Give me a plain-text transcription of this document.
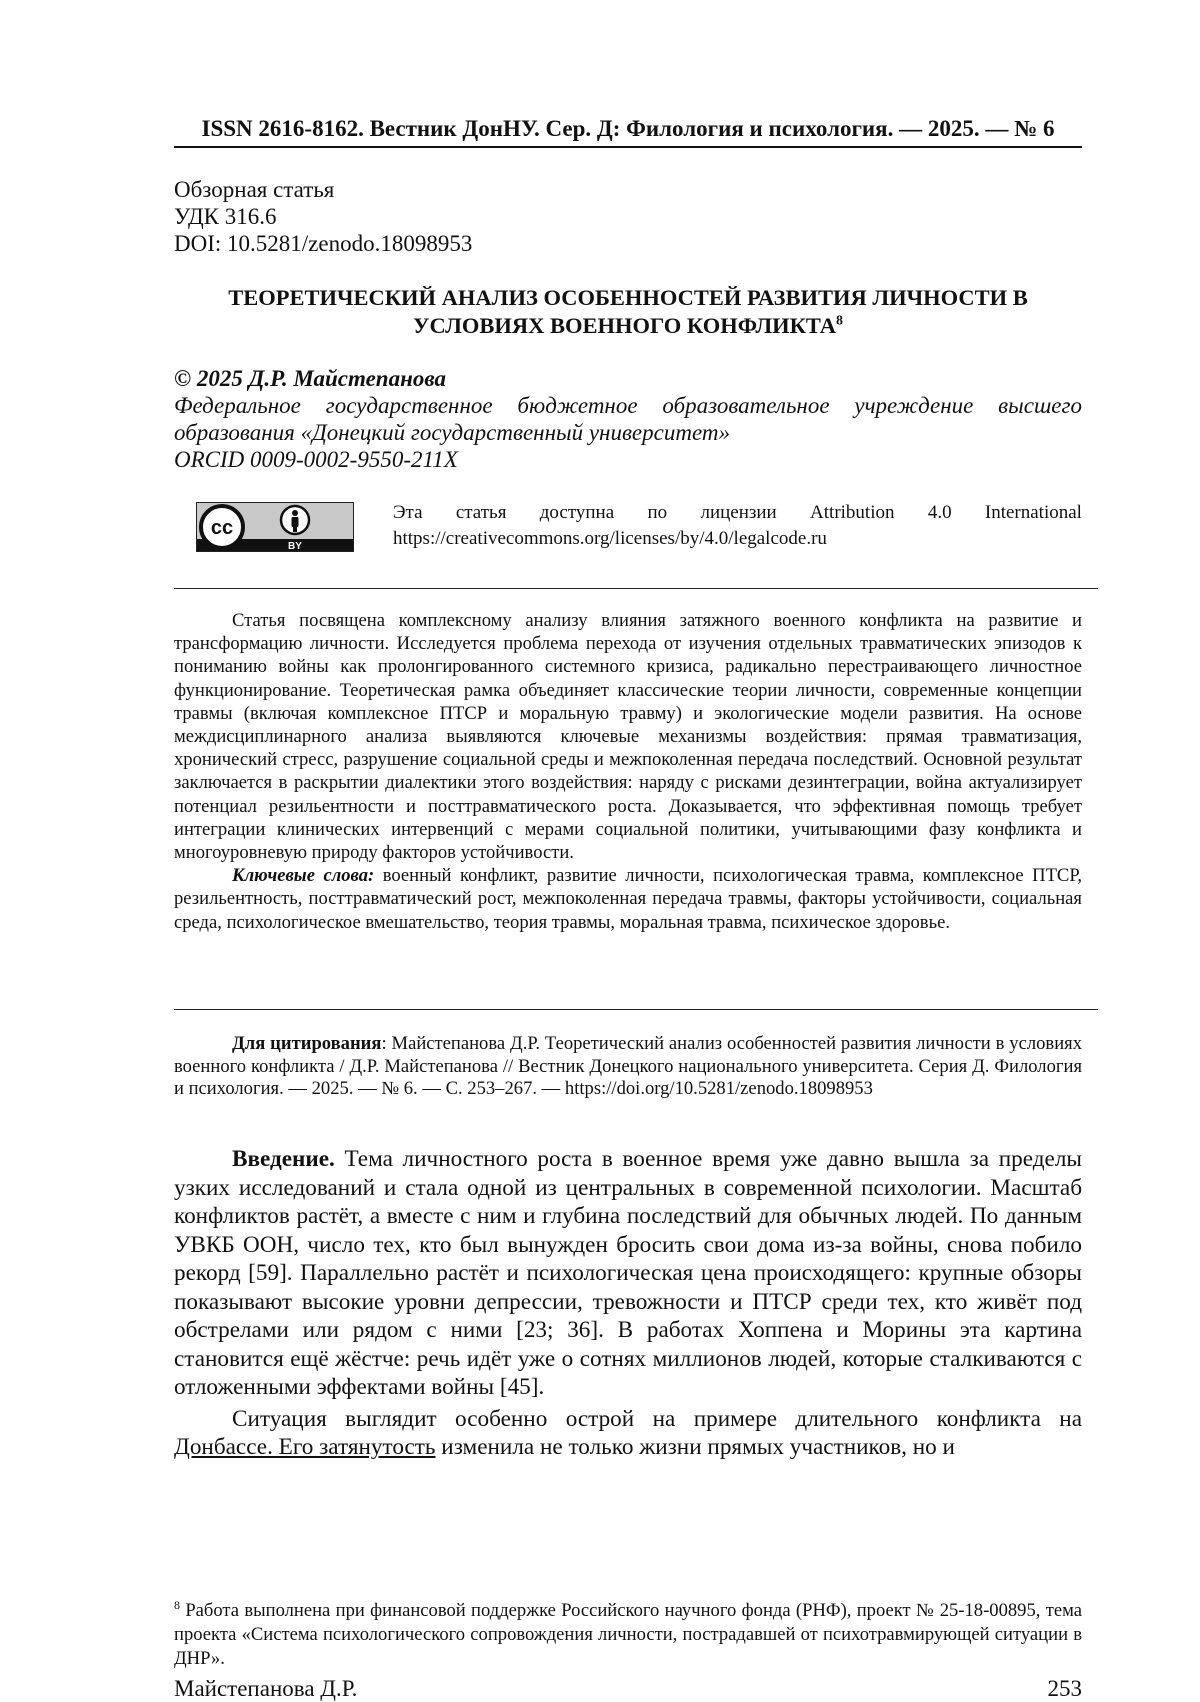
ISSN 2616-8162. Вестник ДонНУ. Сер. Д: Филология и психология. — 2025. — № 6
Обзорная статья
УДК 316.6
DOI: 10.5281/zenodo.18098953
ТЕОРЕТИЧЕСКИЙ АНАЛИЗ ОСОБЕННОСТЕЙ РАЗВИТИЯ ЛИЧНОСТИ В УСЛОВИЯХ ВОЕННОГО КОНФЛИКТА$^8$
© 2025 Д.Р. Майстепанова
Федеральное государственное бюджетное образовательное учреждение высшего образования «Донецкий государственный университет»
ORCID 0009-0002-9550-211X
cc
BY
Эта статья доступна по лицензии Attribution 4.0 International
https://creativecommons.org/licenses/by/4.0/legalcode.ru

Статья посвящена комплексному анализу влияния затяжного военного конфликта на развитие и трансформацию личности. Исследуется проблема перехода от изучения отдельных травматических эпизодов к пониманию войны как пролонгированного системного кризиса, радикально перестраивающего личностное функционирование. Теоретическая рамка объединяет классические теории личности, современные концепции травмы (включая комплексное ПТСР и моральную травму) и экологические модели развития. На основе междисциплинарного анализа выявляются ключевые механизмы воздействия: прямая травматизация, хронический стресс, разрушение социальной среды и межпоколенная передача последствий. Основной результат заключается в раскрытии диалектики этого воздействия: наряду с рисками дезинтеграции, война актуализирует потенциал резильентности и посттравматического роста. Доказывается, что эффективная помощь требует интеграции клинических интервенций с мерами социальной политики, учитывающими фазу конфликта и многоуровневую природу факторов устойчивости.

Ключевые слова: военный конфликт, развитие личности, психологическая травма, комплексное ПТСР, резильентность, посттравматический рост, межпоколенная передача травмы, факторы устойчивости, социальная среда, психологическое вмешательство, теория травмы, моральная травма, психическое здоровье.

Для цитирования: Майстепанова Д.Р. Теоретический анализ особенностей развития личности в условиях военного конфликта / Д.Р. Майстепанова // Вестник Донецкого национального университета. Серия Д. Филология и психология. — 2025. — № 6. — С. 253–267. — https://doi.org/10.5281/zenodo.18098953

Введение. Тема личностного роста в военное время уже давно вышла за пределы узких исследований и стала одной из центральных в современной психологии. Масштаб конфликтов растёт, а вместе с ним и глубина последствий для обычных людей. По данным УВКБ ООН, число тех, кто был вынужден бросить свои дома из-за войны, снова побило рекорд [59]. Параллельно растёт и психологическая цена происходящего: крупные обзоры показывают высокие уровни депрессии, тревожности и ПТСР среди тех, кто живёт под обстрелами или рядом с ними [23; 36]. В работах Хоппена и Морины эта картина становится ещё жёстче: речь идёт уже о сотнях миллионов людей, которые сталкиваются с отложенными эффектами войны [45].

Ситуация выглядит особенно острой на примере длительного конфликта на Донбассе. Его затянутость изменила не только жизни прямых участников, но и

$^8$ Работа выполнена при финансовой поддержке Российского научного фонда (РНФ), проект № 25-18-00895, тема проекта «Система психологического сопровождения личности, пострадавшей от психотравмирующей ситуации в ДНР».
Майстепанова Д.Р.	253
